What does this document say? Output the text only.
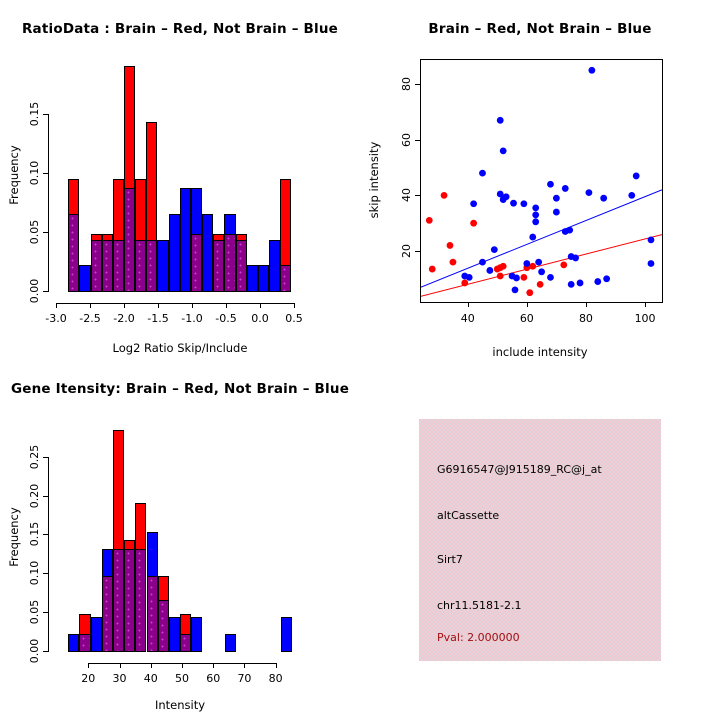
RatioData : Brain – Red, Not Brain – Blue
Log2 Ratio Skip/Include
Frequency
0.00
0.05
0.10
0.15
-3.0	-2.5	-2.0	-1.5	-1.0	-0.5	0.0	0.5
Brain – Red, Not Brain – Blue
include intensity
skip intensity
40	60	80	100
20
40
60
80
Gene Itensity: Brain – Red, Not Brain – Blue
Intensity
Frequency
0.00
0.05
0.10
0.15
0.20
0.25
20	30	40	50	60	70	80
G6916547@J915189_RC@j_at
altCassette
Sirt7
chr11.5181-2.1
Pval: 2.000000
